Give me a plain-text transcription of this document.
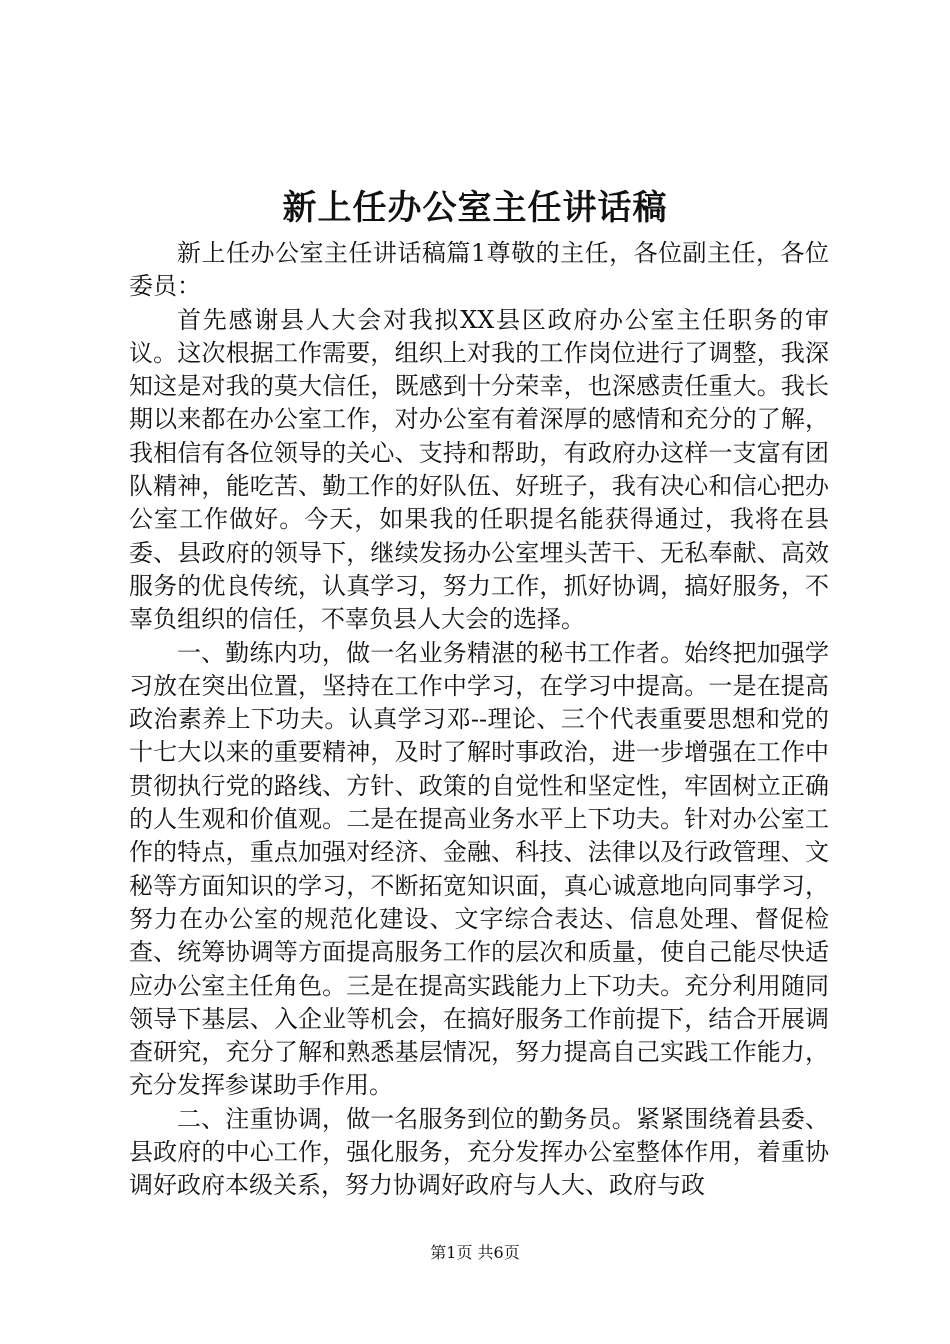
新上任办公室主任讲话稿

新上任办公室主任讲话稿篇1尊敬的主任，各位副主任，各位委员：

首先感谢县人大会对我拟XX县区政府办公室主任职务的审议。这次根据工作需要，组织上对我的工作岗位进行了调整，我深知这是对我的莫大信任，既感到十分荣幸，也深感责任重大。我长期以来都在办公室工作，对办公室有着深厚的感情和充分的了解，我相信有各位领导的关心、支持和帮助，有政府办这样一支富有团队精神，能吃苦、勤工作的好队伍、好班子，我有决心和信心把办公室工作做好。今天，如果我的任职提名能获得通过，我将在县委、县政府的领导下，继续发扬办公室埋头苦干、无私奉献、高效服务的优良传统，认真学习，努力工作，抓好协调，搞好服务，不辜负组织的信任，不辜负县人大会的选择。

一、勤练内功，做一名业务精湛的秘书工作者。始终把加强学习放在突出位置，坚持在工作中学习，在学习中提高。一是在提高政治素养上下功夫。认真学习邓--理论、三个代表重要思想和党的十七大以来的重要精神，及时了解时事政治，进一步增强在工作中贯彻执行党的路线、方针、政策的自觉性和坚定性，牢固树立正确的人生观和价值观。二是在提高业务水平上下功夫。针对办公室工作的特点，重点加强对经济、金融、科技、法律以及行政管理、文秘等方面知识的学习，不断拓宽知识面，真心诚意地向同事学习，努力在办公室的规范化建设、文字综合表达、信息处理、督促检查、统筹协调等方面提高服务工作的层次和质量，使自己能尽快适应办公室主任角色。三是在提高实践能力上下功夫。充分利用随同领导下基层、入企业等机会，在搞好服务工作前提下，结合开展调查研究，充分了解和熟悉基层情况，努力提高自己实践工作能力，充分发挥参谋助手作用。

二、注重协调，做一名服务到位的勤务员。紧紧围绕着县委、县政府的中心工作，强化服务，充分发挥办公室整体作用，着重协调好政府本级关系，努力协调好政府与人大、政府与政

第1页 共6页
